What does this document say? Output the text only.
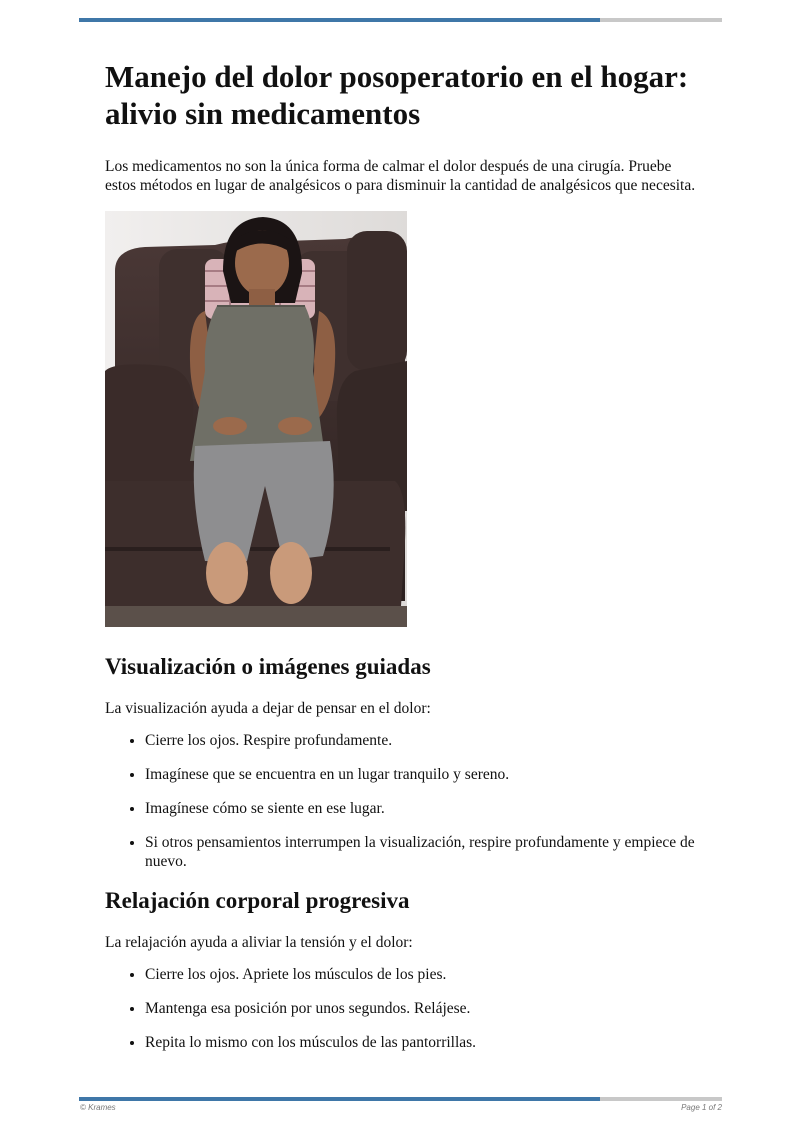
Manejo del dolor posoperatorio en el hogar: alivio sin medicamentos

Los medicamentos no son la única forma de calmar el dolor después de una cirugía. Pruebe estos métodos en lugar de analgésicos o para disminuir la cantidad de analgésicos que necesita.

Visualización o imágenes guiadas

La visualización ayuda a dejar de pensar en el dolor:

• Cierre los ojos. Respire profundamente.
• Imagínese que se encuentra en un lugar tranquilo y sereno.
• Imagínese cómo se siente en ese lugar.
• Si otros pensamientos interrumpen la visualización, respire profundamente y empiece de nuevo.
Relajación corporal progresiva

La relajación ayuda a aliviar la tensión y el dolor:

• Cierre los ojos. Apriete los músculos de los pies.
• Mantenga esa posición por unos segundos. Relájese.
• Repita lo mismo con los músculos de las pantorrillas.
© Krames	Page 1 of 2
